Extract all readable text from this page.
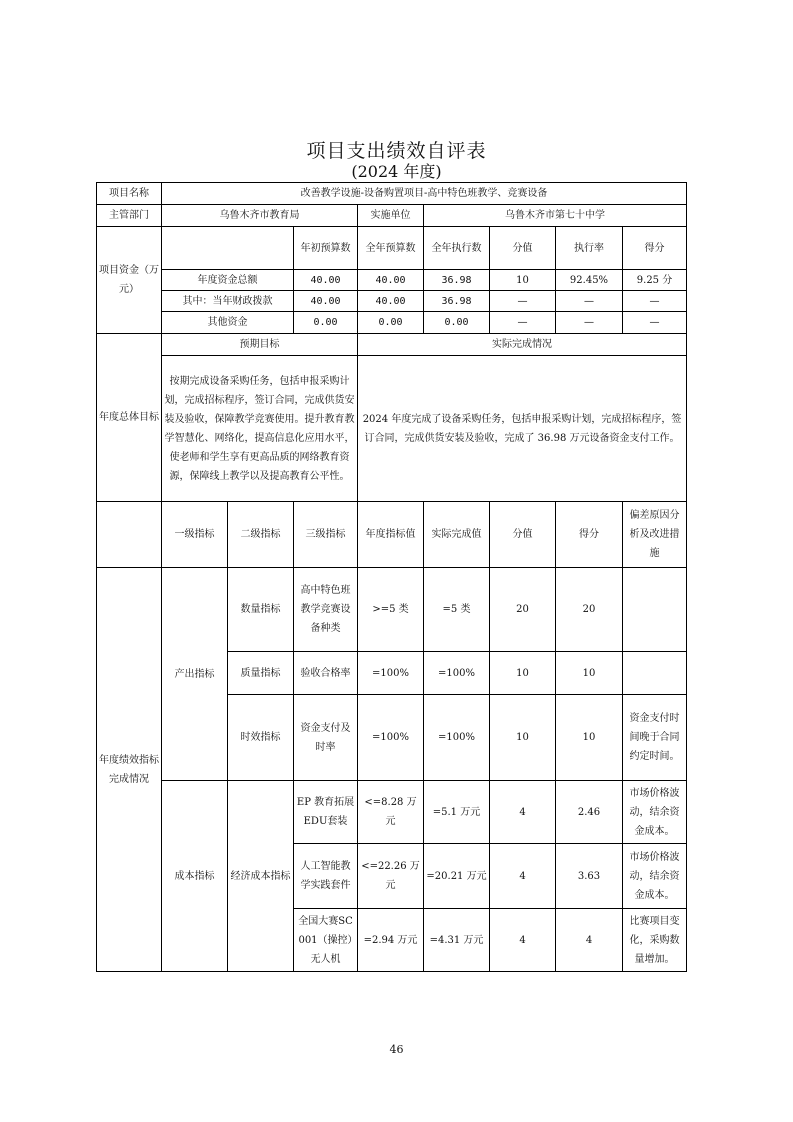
项目支出绩效自评表
(2024 年度)
项目名称	改善教学设施-设备购置项目-高中特色班教学、竞赛设备							
主管部门	乌鲁木齐市教育局			实施单位	乌鲁木齐市第七十中学			
项目资金（万元）			年初预算数	全年预算数	全年执行数	分值	执行率	得分
	年度资金总额		40.00	40.00	36.98	10	92.45%	9.25 分
	其中：当年财政拨款		40.00	40.00	36.98	—	—	—
	其他资金		0.00	0.00	0.00	—	—	—
年度总体目标	预期目标			实际完成情况				
	按期完成设备采购任务，包括申报采购计划，完成招标程序，签订合同，完成供货安装及验收，保障教学竞赛使用。提升教育教学智慧化、网络化，提高信息化应用水平，使老师和学生享有更高品质的网络教育资源，保障线上教学以及提高教育公平性。			2024 年度完成了设备采购任务，包括申报采购计划，完成招标程序，签订合同，完成供货安装及验收，完成了 36.98 万元设备资金支付工作。				
	一级指标	二级指标	三级指标	年度指标值	实际完成值	分值	得分	偏差原因分析及改进措施
年度绩效指标完成情况	产出指标	数量指标	高中特色班教学竞赛设备种类	>=5 类	=5 类	20	20	
		质量指标	验收合格率	=100%	=100%	10	10	
		时效指标	资金支付及时率	=100%	=100%	10	10	资金支付时间晚于合同约定时间。
	成本指标	经济成本指标	EP 教育拓展EDU套装	<=8.28 万元	=5.1 万元	4	2.46	市场价格波动，结余资金成本。
			人工智能教学实践套件	<=22.26 万元	=20.21 万元	4	3.63	市场价格波动，结余资金成本。
			全国大赛SC001（操控）无人机	=2.94 万元	=4.31 万元	4	4	比赛项目变化，采购数量增加。
46
